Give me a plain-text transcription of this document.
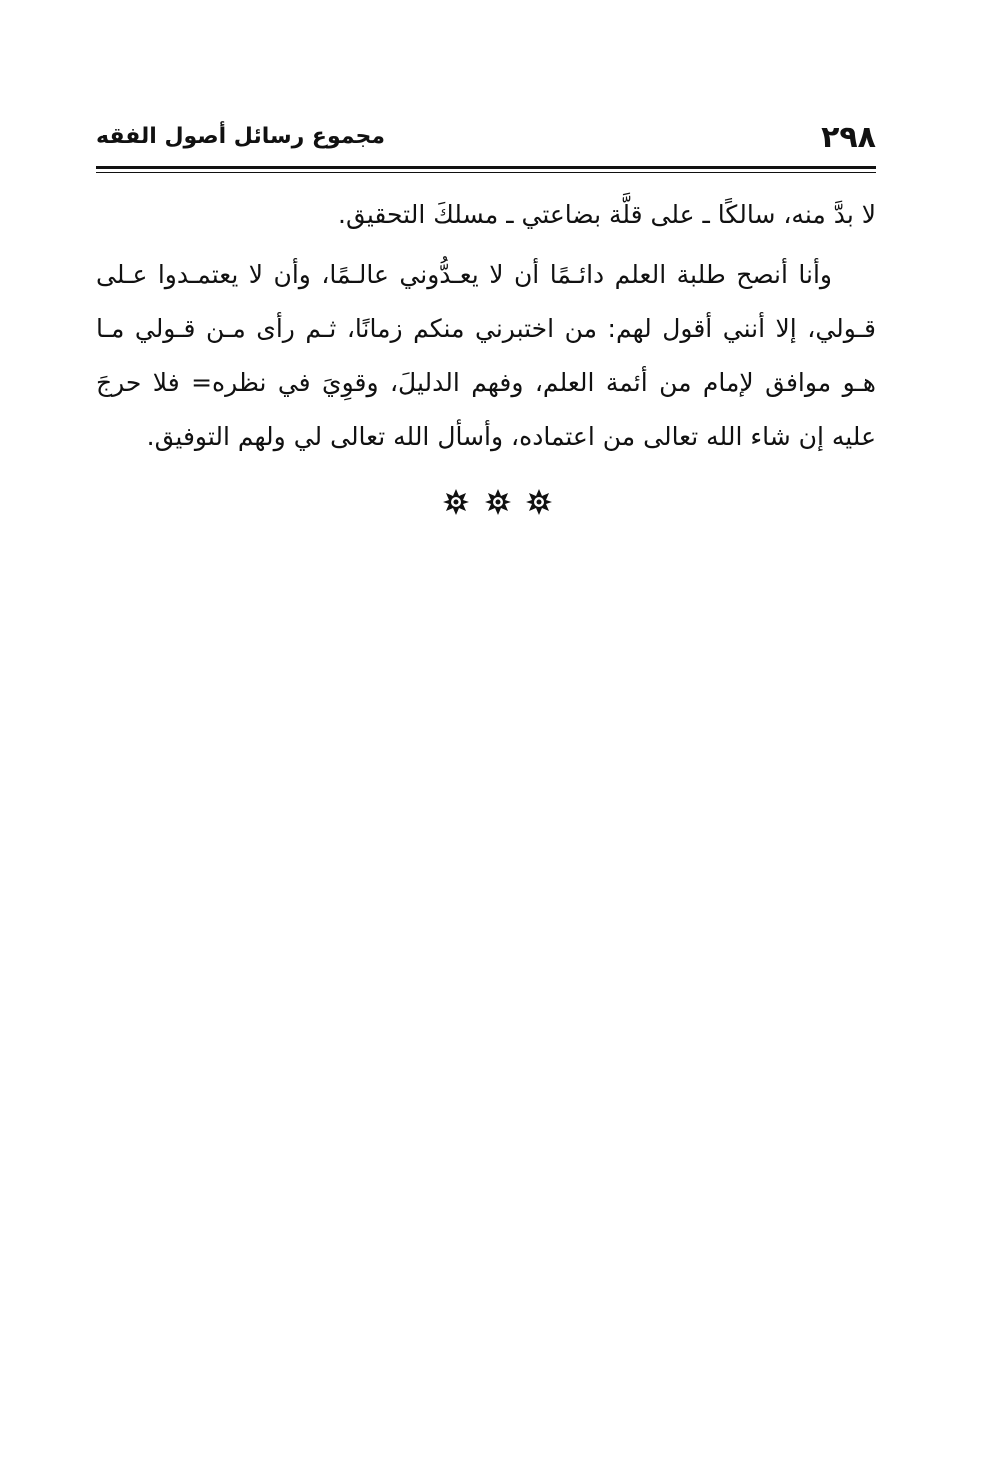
٢٩٨
مجموع رسائل أصول الفقه

لا بدَّ منه، سالكًا ـ على قلَّة بضاعتي ـ مسلكَ التحقيق.

وأنا أنصح طلبة العلم دائـمًا أن لا يعـدُّوني عالـمًا، وأن لا يعتمـدوا عـلى قـولي، إلا أنني أقول لهم: من اختبرني منكم زمانًا، ثـم رأى مـن قـولي مـا هـو موافق لإمام من أئمة العلم، وفهم الدليلَ، وقوِيَ في نظره= فلا حرجَ عليه إن شاء الله تعالى من اعتماده، وأسأل الله تعالى لي ولهم التوفيق.
